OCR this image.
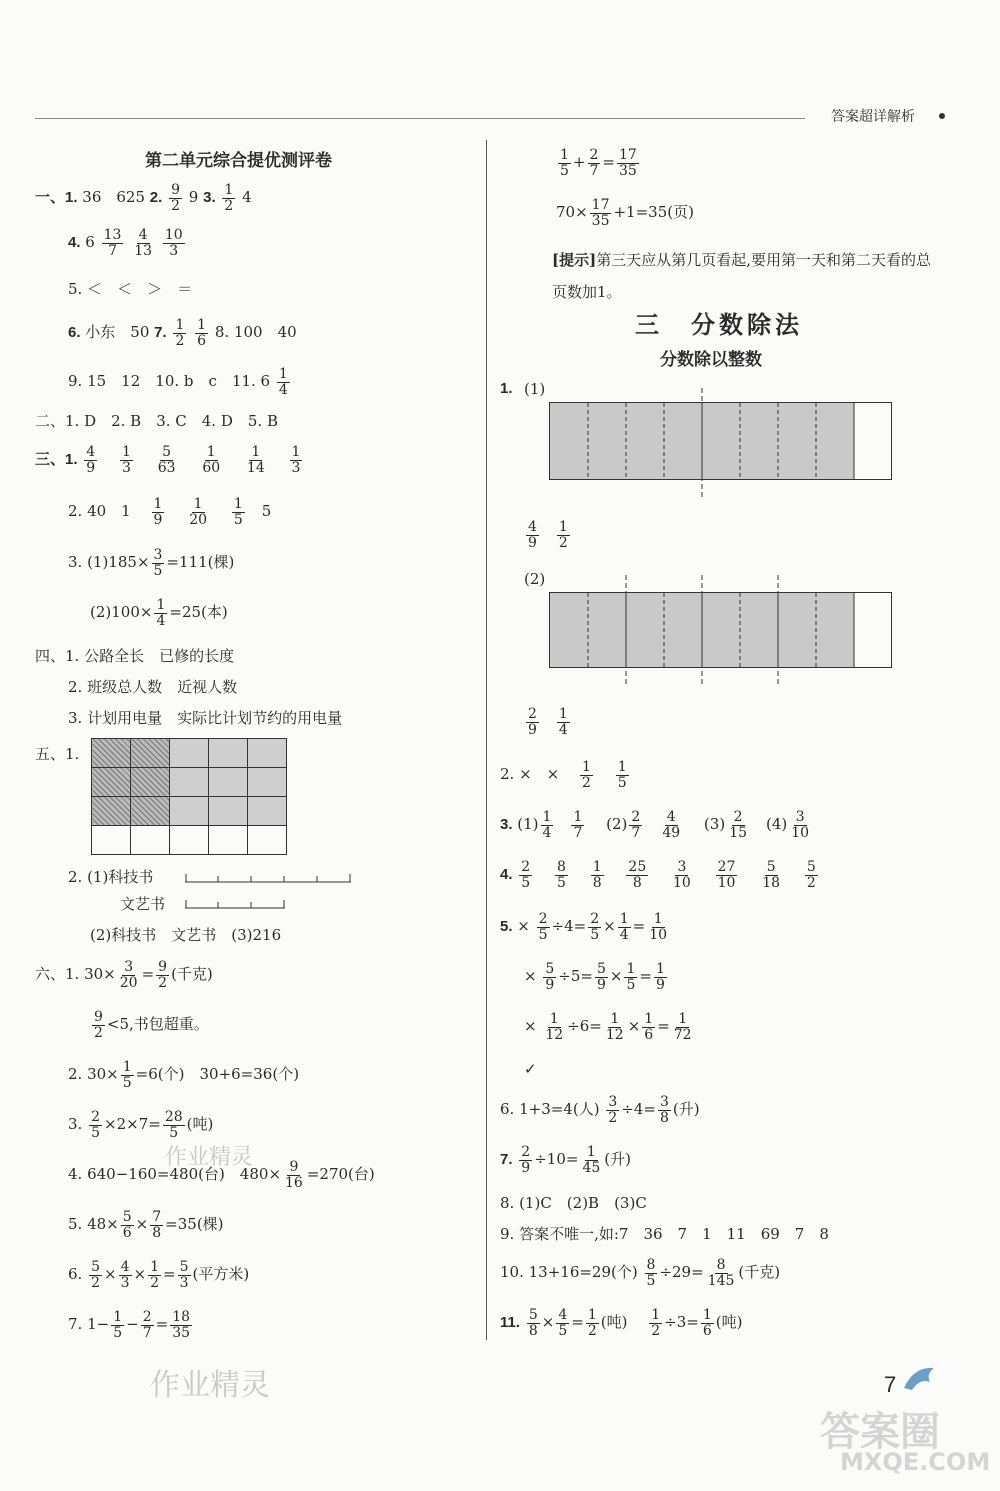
答案超详解析
第二单元综合提优测评卷
一、1. 36　625 2. $\frac{9}{2} 9$ 3. $\frac{1}{2} 4$
4. $6 \frac{13}{7}$
$\frac{4}{13}$
$\frac{10}{3}$
5. ＜　＜　＞　＝
6. 小东　50 7. $\frac{1}{2}$
$\frac{1}{6} 8$. 100　40
9. 15　12　 10. b　c　 11. $6 \frac{1}{4}$
二、1. D　2. B　3. C　4. D　5. B
三、1. $\frac{4}{9}$
$\frac{1}{3}$
$\frac{5}{63}$
$\frac{1}{60}$
$\frac{1}{14}$
$\frac{1}{3}$
2. 40　$1 \frac{1}{9}$
$\frac{1}{20}$
$\frac{1}{5}$ 　5
3. $(1)185\times \frac{3}{5} =111$(棵)
$(2)100\times \frac{1}{4} =25$(本)
四、1. 公路全长　已修的长度
2. 班级总人数　近视人数
3. 计划用电量　实际比计划节约的用电量
五、1.

2. (1)科技书
文艺书
(2)科技书　文艺书　(3)216
六、1. $30\times \frac{3}{20} = \frac{9}{2}$ (千克)
$\frac{9}{2} <5$,书包超重。
2. $30\times \frac{1}{5} =6$(个)　30+6=36(个)
3. $\frac{2}{5} \times 2\times 7= \frac{28}{5}$ (吨)
4. 640−160=480(台)　$480\times \frac{9}{16} =270$(台)
5. $48\times \frac{5}{6} \times \frac{7}{8} =35$(棵)
6. $\frac{5}{2} \times \frac{4}{3} \times \frac{1}{2} = \frac{5}{3}$ (平方米)
7. $1- \frac{1}{5} - \frac{2}{7} = \frac{18}{35}$
作业精灵
作业精灵
$\frac{1}{5} + \frac{2}{7} = \frac{17}{35}$
$70\times \frac{17}{35} +1=35$(页)
[提示]第三天应从第几页看起,要用第一天和第二天看的总页数加1。
三　分数除法
分数除以整数
1. (1)
$\frac{4}{9} \frac{1}{2}$
(2)
$\frac{2}{9} \frac{1}{4}$
2. ×　× $\frac{1}{2}$
$\frac{1}{5}$
3. $(1) \frac{1}{4} \frac{1}{7}$ 　$(2) \frac{2}{7} \frac{4}{49}$ 　$(3) \frac{2}{15}$ 　$(4) \frac{3}{10}$
4. $\frac{2}{5}$
$\frac{8}{5}$
$\frac{1}{8}$
$\frac{25}{8}$
$\frac{3}{10}$
$\frac{27}{10}$
$\frac{5}{18}$
$\frac{5}{2}$
5. × $\frac{2}{5} \div 4= \frac{2}{5} \times \frac{1}{4} = \frac{1}{10}$
× $\frac{5}{9} \div 5= \frac{5}{9} \times \frac{1}{5} = \frac{1}{9}$
× $\frac{1}{12} \div 6= \frac{1}{12} \times \frac{1}{6} = \frac{1}{72}$
✓
6. 1+3=4(人) $\frac{3}{2} \div 4= \frac{3}{8}$ (升)
7. $\frac{2}{9} \div 10= \frac{1}{45}$ (升)
8. (1)C　(2)B　(3)C
9. 答案不唯一,如:7　36　7　1　11　69　7　8
10. 13+16=29(个) $\frac{8}{5} \div 29= \frac{8}{145}$ (千克)
11. $\frac{5}{8} \times \frac{4}{5} = \frac{1}{2}$ (吨)　 $\frac{1}{2} \div 3= \frac{1}{6}$ (吨)
7
答案圈
MXQE.COM
